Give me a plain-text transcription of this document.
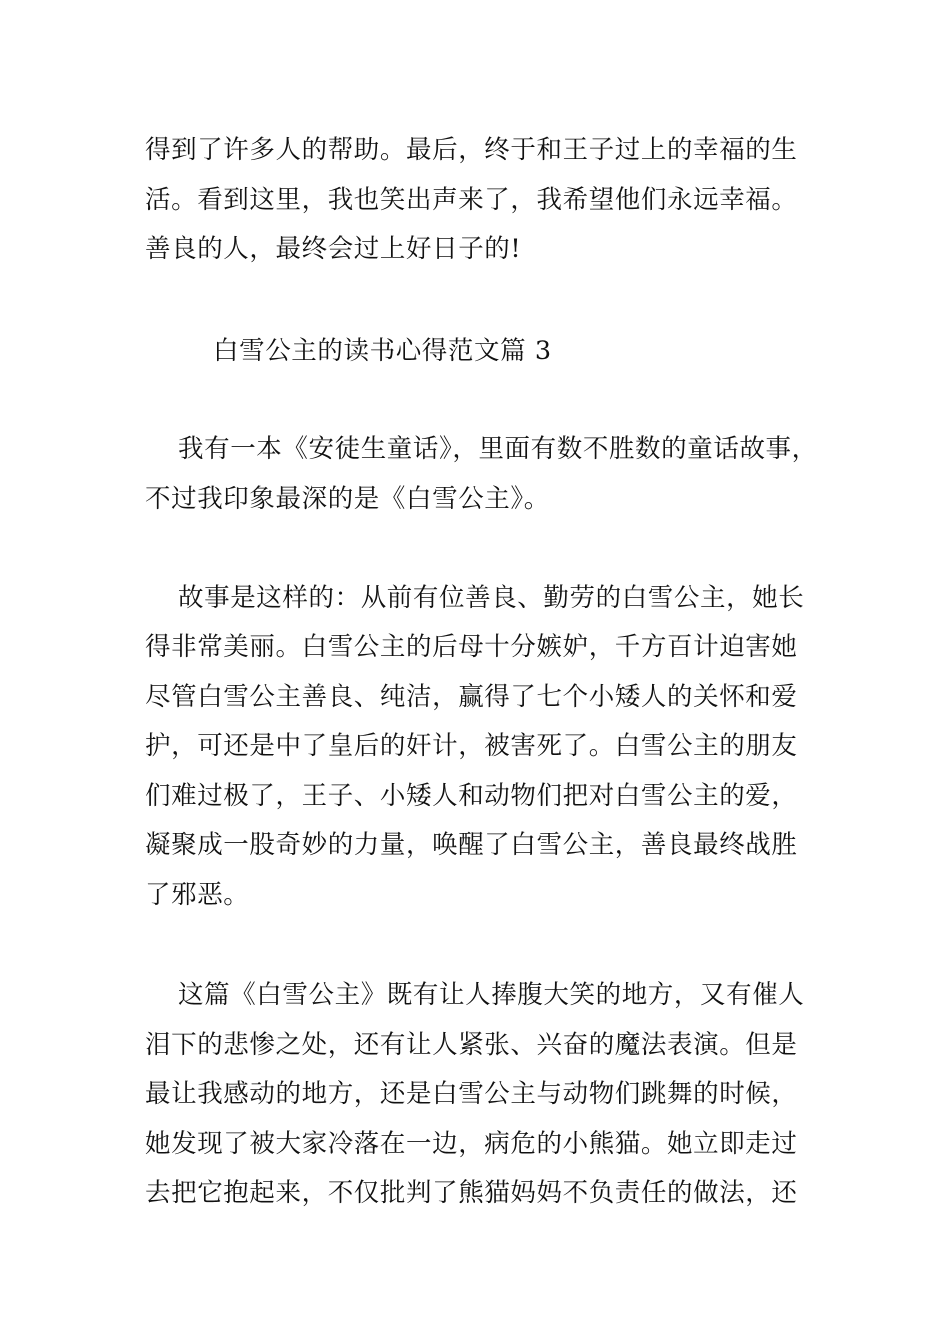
得到了许多人的帮助。最后，终于和王子过上的幸福的生
活。看到这里，我也笑出声来了，我希望他们永远幸福。
善良的人，最终会过上好日子的!
白雪公主的读书心得范文篇 3
我有一本《安徒生童话》，里面有数不胜数的童话故事，
不过我印象最深的是《白雪公主》。
故事是这样的：从前有位善良、勤劳的白雪公主，她长
得非常美丽。白雪公主的后母十分嫉妒，千方百计迫害她
尽管白雪公主善良、纯洁，赢得了七个小矮人的关怀和爱
护，可还是中了皇后的奸计，被害死了。白雪公主的朋友
们难过极了，王子、小矮人和动物们把对白雪公主的爱，
凝聚成一股奇妙的力量，唤醒了白雪公主，善良最终战胜
了邪恶。
这篇《白雪公主》既有让人捧腹大笑的地方，又有催人
泪下的悲惨之处，还有让人紧张、兴奋的魔法表演。但是
最让我感动的地方，还是白雪公主与动物们跳舞的时候，
她发现了被大家冷落在一边，病危的小熊猫。她立即走过
去把它抱起来，不仅批判了熊猫妈妈不负责任的做法，还
